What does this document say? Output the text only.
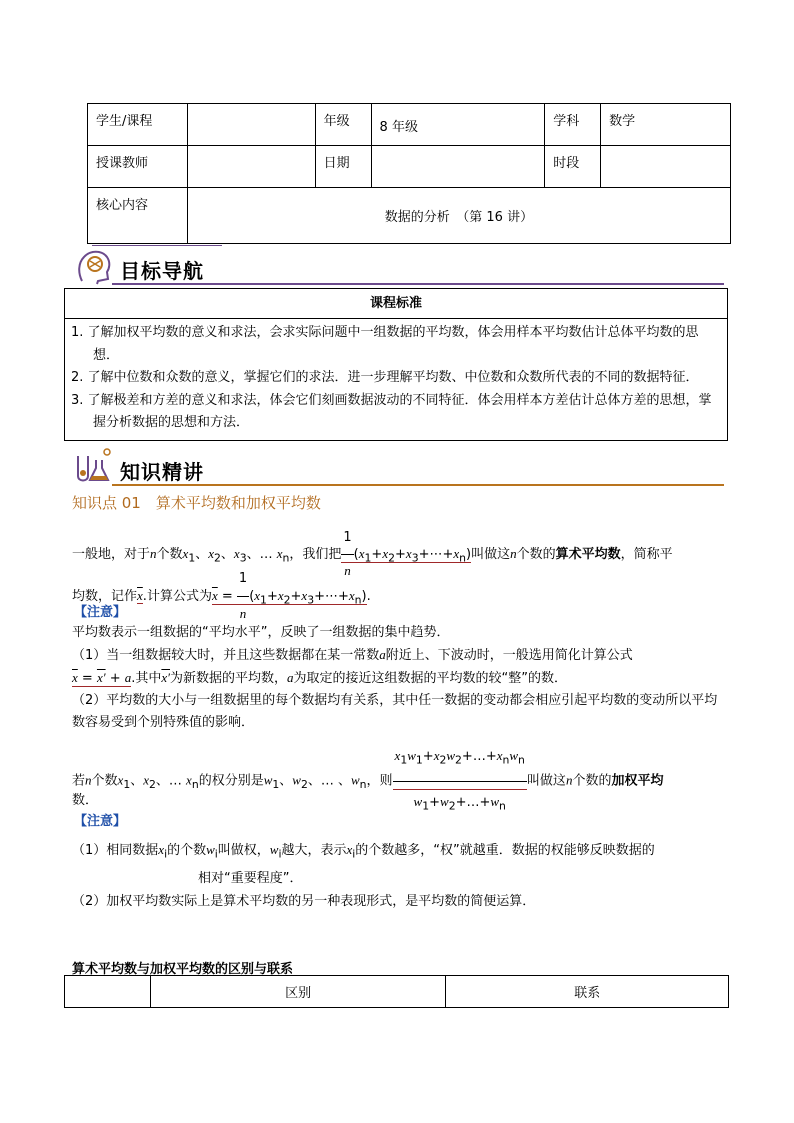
学生/课程		年级	8 年级	学科	数学
授课教师		日期		时段	
核心内容	数据的分析　（第 16 讲）				
目标导航
课程标准
1. 了解加权平均数的意义和求法，会求实际问题中一组数据的平均数，体会用样本平均数估计总体平均数的思想．
2. 了解中位数和众数的意义，掌握它们的求法．进一步理解平均数、中位数和众数所代表的不同的数据特征．
3. 了解极差和方差的意义和求法，体会它们刻画数据波动的不同特征．体会用样本方差估计总体方差的思想，掌握分析数据的思想和方法．
知识精讲
知识点 01　算术平均数和加权平均数
一般地，对于n个数$x_1$、$x_2$、$x_3$、… $x_n$，我们把 $\frac{1}{n}$ $(x_1+x_2+x_3+\cdots+x_n)$叫做这n个数的算术平均数，简称平
均数，记作$\overline{x}$.计算公式为$\overline{x} = \frac{1}{n}$ $(x_1+x_2+x_3+\cdots+x_n)$.
【注意】
平均数表示一组数据的“平均水平”，反映了一组数据的集中趋势．
（1）当一组数据较大时，并且这些数据都在某一常数a附近上、下波动时，一般选用简化计算公式
$\overline{x} = x' + a$.其中x′为新数据的平均数，a为取定的接近这组数据的平均数的较“整”的数．
（2）平均数的大小与一组数据里的每个数据均有关系，其中任一数据的变动都会相应引起平均数的变动所以平均数容易受到个别特殊值的影响．
若n个数$x_1$、$x_2$、… $x_n$的权分别是$w_1$、$w_2$、… 、$w_n$，则 $\frac{x_1w_1+x_2w_2+\dots+x_nw_n}{w_1+w_2+\dots+w_n}$ 叫做这n个数的加权平均
数．
【注意】
（1）相同数据$x_i$的个数$w_i$叫做权，$w_i$越大，表示$x_i$的个数越多，“权”就越重．数据的权能够反映数据的
相对“重要程度”．
（2）加权平均数实际上是算术平均数的另一种表现形式，是平均数的简便运算．
算术平均数与加权平均数的区别与联系
	区别	联系
